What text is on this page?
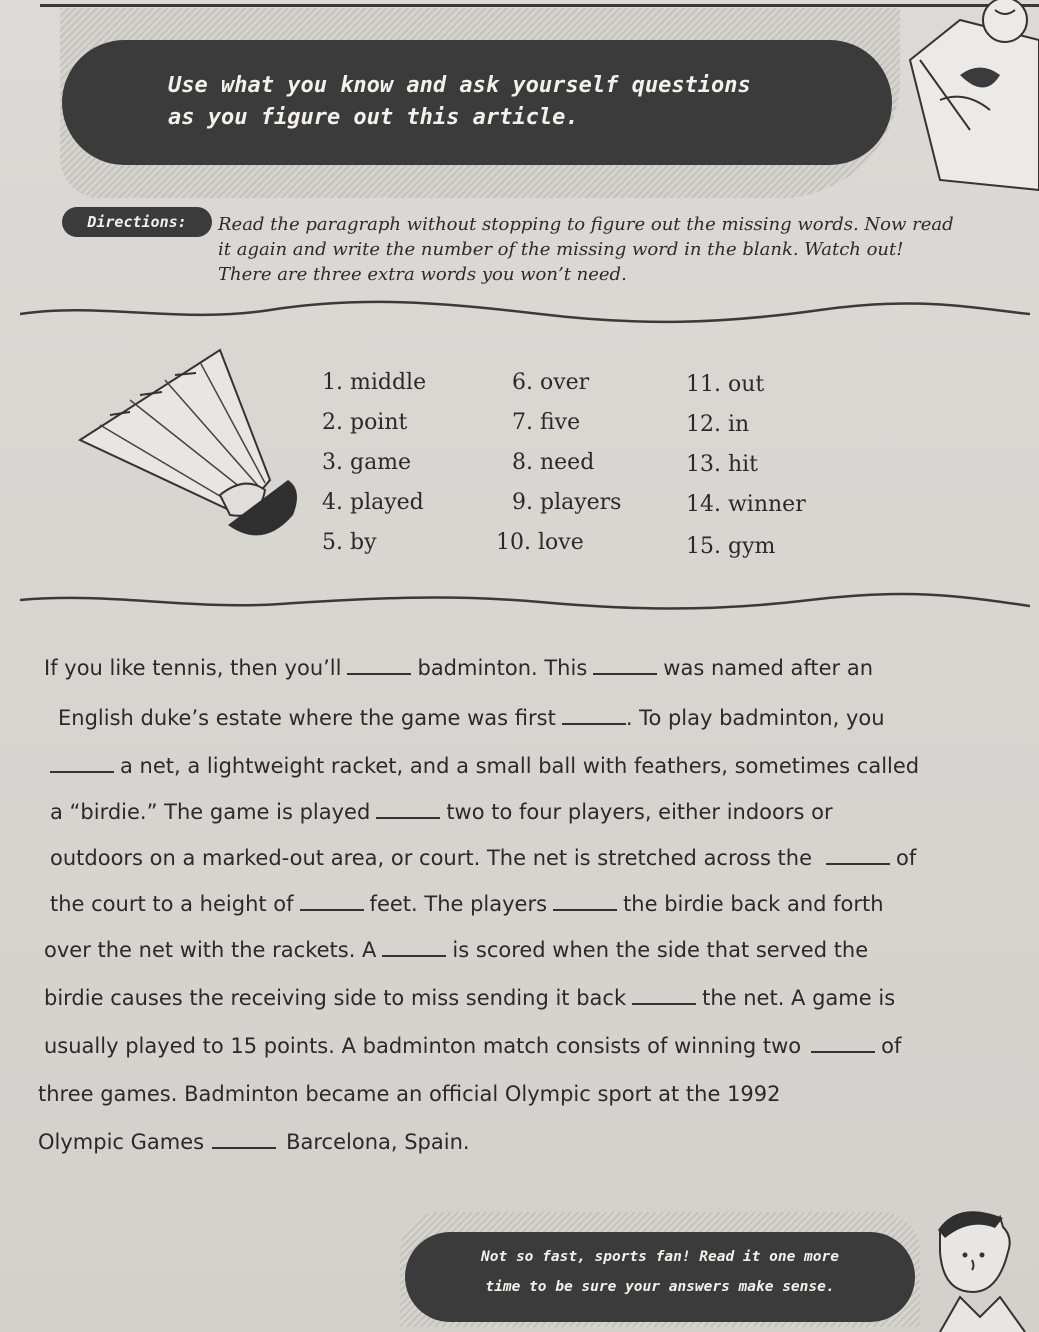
Use what you know and ask yourself questions
as you figure out this article.
Directions:	Read the paragraph without stopping to figure out the missing words. Now read
it again and write the number of the missing word in the blank. Watch out!
There are three extra words you won’t need.
1. middle
2. point
3. game
4. played
5. by
6. over
7. five
8. need
9. players
10. love
11. out
12. in
13. hit
14. winner
15. gym
If you like tennis, then you’ll	badminton. This	was named after an
English duke’s estate where the game was first	. To play badminton, you
a net, a lightweight racket, and a small ball with feathers, sometimes called
a “birdie.” The game is played	two to four players, either indoors or
outdoors on a marked-out area, or court. The net is stretched across the	of
the court to a height of	feet. The players	the birdie back and forth
over the net with the rackets. A	is scored when the side that served the
birdie causes the receiving side to miss sending it back	the net. A game is
usually played to 15 points. A badminton match consists of winning two	of
three games. Badminton became an official Olympic sport at the 1992
Olympic Games	Barcelona, Spain.
Not so fast, sports fan! Read it one more
time to be sure your answers make sense.
